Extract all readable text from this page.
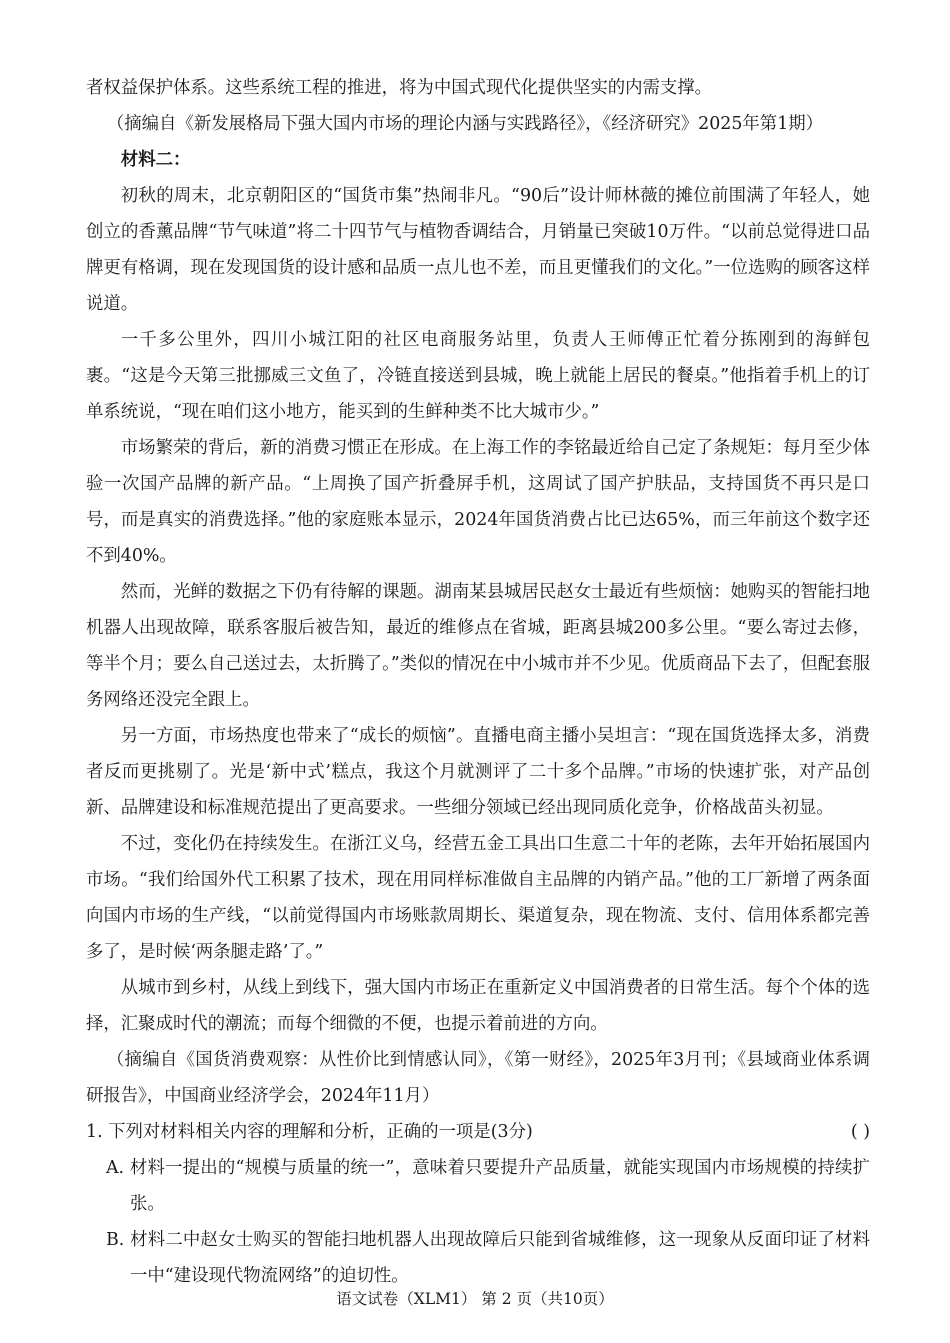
者权益保护体系。这些系统工程的推进，将为中国式现代化提供坚实的内需支撑。

（摘编自《新发展格局下强大国内市场的理论内涵与实践路径》，《经济研究》2025年第1期）

材料二：

初秋的周末，北京朝阳区的“国货市集”热闹非凡。“90后”设计师林薇的摊位前围满了年轻人，她创立的香薰品牌“节气味道”将二十四节气与植物香调结合，月销量已突破10万件。“以前总觉得进口品牌更有格调，现在发现国货的设计感和品质一点儿也不差，而且更懂我们的文化。”一位选购的顾客这样说道。

一千多公里外，四川小城江阳的社区电商服务站里，负责人王师傅正忙着分拣刚到的海鲜包裹。“这是今天第三批挪威三文鱼了，冷链直接送到县城，晚上就能上居民的餐桌。”他指着手机上的订单系统说，“现在咱们这小地方，能买到的生鲜种类不比大城市少。”

市场繁荣的背后，新的消费习惯正在形成。在上海工作的李铭最近给自己定了条规矩：每月至少体验一次国产品牌的新产品。“上周换了国产折叠屏手机，这周试了国产护肤品，支持国货不再只是口号，而是真实的消费选择。”他的家庭账本显示，2024年国货消费占比已达65%，而三年前这个数字还不到40%。

然而，光鲜的数据之下仍有待解的课题。湖南某县城居民赵女士最近有些烦恼：她购买的智能扫地机器人出现故障，联系客服后被告知，最近的维修点在省城，距离县城200多公里。“要么寄过去修，等半个月；要么自己送过去，太折腾了。”类似的情况在中小城市并不少见。优质商品下去了，但配套服务网络还没完全跟上。

另一方面，市场热度也带来了“成长的烦恼”。直播电商主播小吴坦言：“现在国货选择太多，消费者反而更挑剔了。光是‘新中式’糕点，我这个月就测评了二十多个品牌。”市场的快速扩张，对产品创新、品牌建设和标准规范提出了更高要求。一些细分领域已经出现同质化竞争，价格战苗头初显。

不过，变化仍在持续发生。在浙江义乌，经营五金工具出口生意二十年的老陈，去年开始拓展国内市场。“我们给国外代工积累了技术，现在用同样标准做自主品牌的内销产品。”他的工厂新增了两条面向国内市场的生产线，“以前觉得国内市场账款周期长、渠道复杂，现在物流、支付、信用体系都完善多了，是时候‘两条腿走路’了。”

从城市到乡村，从线上到线下，强大国内市场正在重新定义中国消费者的日常生活。每个个体的选择，汇聚成时代的潮流；而每个细微的不便，也提示着前进的方向。

（摘编自《国货消费观察：从性价比到情感认同》，《第一财经》，2025年3月刊；《县域商业体系调研报告》，中国商业经济学会，2024年11月）

1. 下列对材料相关内容的理解和分析，正确的一项是(3分)	( )

A. 材料一提出的“规模与质量的统一”，意味着只要提升产品质量，就能实现国内市场规模的持续扩张。

B. 材料二中赵女士购买的智能扫地机器人出现故障后只能到省城维修，这一现象从反面印证了材料一中“建设现代物流网络”的迫切性。

语文试卷（XLM1） 第 2 页（共10页）
